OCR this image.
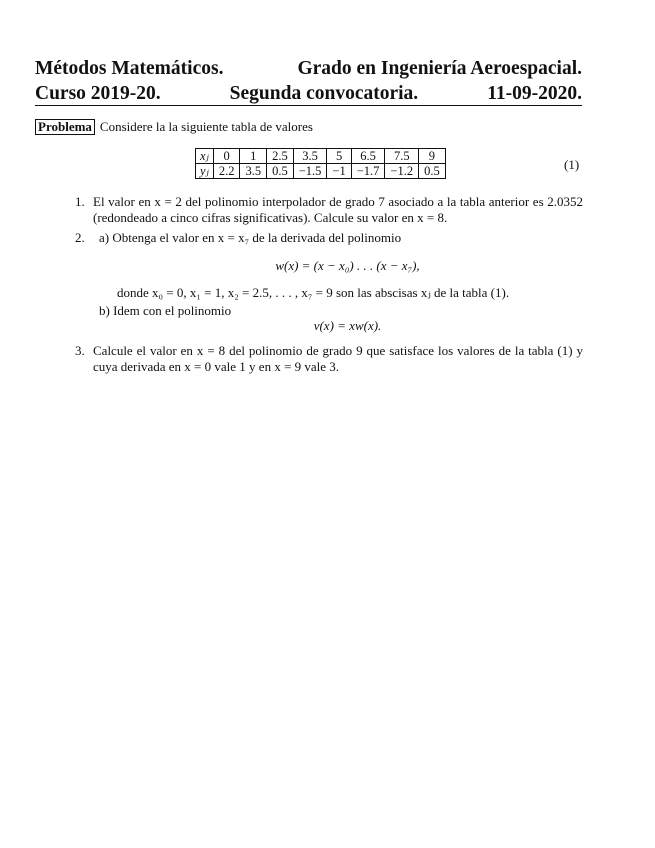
Métodos Matemáticos.	Grado en Ingeniería Aeroespacial.
Curso 2019-20.	Segunda convocatoria.	11-09-2020.
Problema Considere la la siguiente tabla de valores
xⱼ	0	1	2.5	3.5	5	6.5	7.5	9
yⱼ	2.2	3.5	0.5	−1.5	−1	−1.7	−1.2	0.5	(1)
1. El valor en x = 2 del polinomio interpolador de grado 7 asociado a la tabla anterior es 2.0352 (redondeado a cinco cifras significativas). Calcule su valor en x = 8.
2. a) Obtenga el valor en x = x₇ de la derivada del polinomio
w(x) = (x − x₀) . . . (x − x₇),
donde x₀ = 0, x₁ = 1, x₂ = 2.5, . . . , x₇ = 9 son las abscisas xⱼ de la tabla (1).
b) Idem con el polinomio
v(x) = xw(x).
3. Calcule el valor en x = 8 del polinomio de grado 9 que satisface los valores de la tabla (1) y cuya derivada en x = 0 vale 1 y en x = 9 vale 3.
